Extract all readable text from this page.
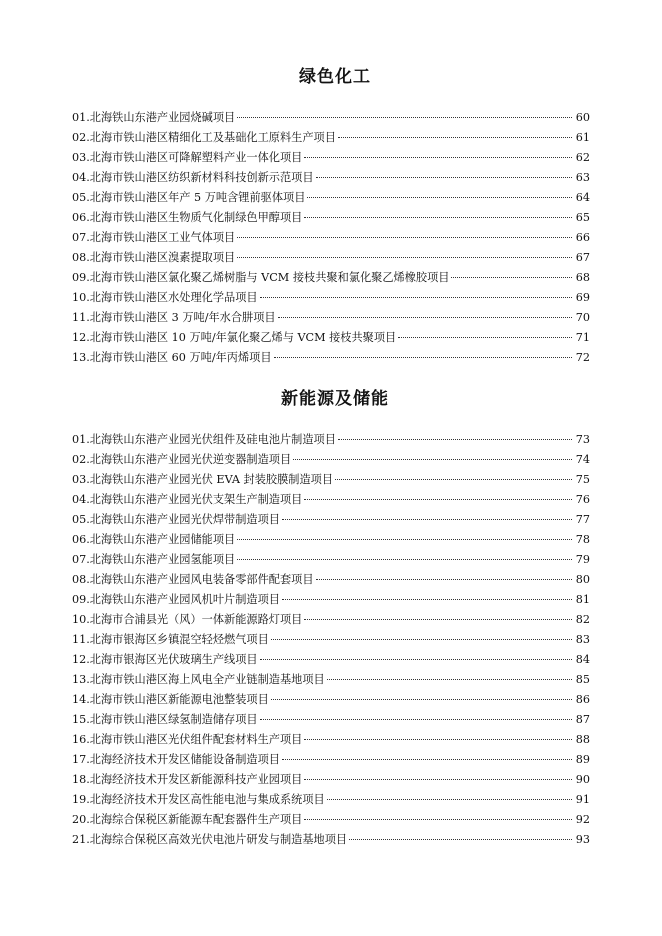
绿色化工
01. 北海铁山东港产业园烧碱项目	60
02. 北海市铁山港区精细化工及基础化工原料生产项目	61
03. 北海市铁山港区可降解塑料产业一体化项目	62
04. 北海市铁山港区纺织新材料科技创新示范项目	63
05. 北海市铁山港区年产 5 万吨含锂前驱体项目	64
06. 北海市铁山港区生物质气化制绿色甲醇项目	65
07. 北海市铁山港区工业气体项目	66
08. 北海市铁山港区溴素提取项目	67
09. 北海市铁山港区氯化聚乙烯树脂与 VCM 接枝共聚和氯化聚乙烯橡胶项目	68
10. 北海市铁山港区水处理化学品项目	69
11. 北海市铁山港区 3 万吨/年水合肼项目	70
12. 北海市铁山港区 10 万吨/年氯化聚乙烯与 VCM 接枝共聚项目	71
13. 北海市铁山港区 60 万吨/年丙烯项目	72
新能源及储能
01. 北海铁山东港产业园光伏组件及硅电池片制造项目	73
02. 北海铁山东港产业园光伏逆变器制造项目	74
03. 北海铁山东港产业园光伏 EVA 封装胶膜制造项目	75
04. 北海铁山东港产业园光伏支架生产制造项目	76
05. 北海铁山东港产业园光伏焊带制造项目	77
06. 北海铁山东港产业园储能项目	78
07. 北海铁山东港产业园氢能项目	79
08. 北海铁山东港产业园风电装备零部件配套项目	80
09. 北海铁山东港产业园风机叶片制造项目	81
10. 北海市合浦县光（风）一体新能源路灯项目	82
11. 北海市银海区乡镇混空轻烃燃气项目	83
12. 北海市银海区光伏玻璃生产线项目	84
13. 北海市铁山港区海上风电全产业链制造基地项目	85
14. 北海市铁山港区新能源电池整装项目	86
15. 北海市铁山港区绿氢制造储存项目	87
16. 北海市铁山港区光伏组件配套材料生产项目	88
17. 北海经济技术开发区储能设备制造项目	89
18. 北海经济技术开发区新能源科技产业园项目	90
19. 北海经济技术开发区高性能电池与集成系统项目	91
20. 北海综合保税区新能源车配套器件生产项目	92
21. 北海综合保税区高效光伏电池片研发与制造基地项目	93
